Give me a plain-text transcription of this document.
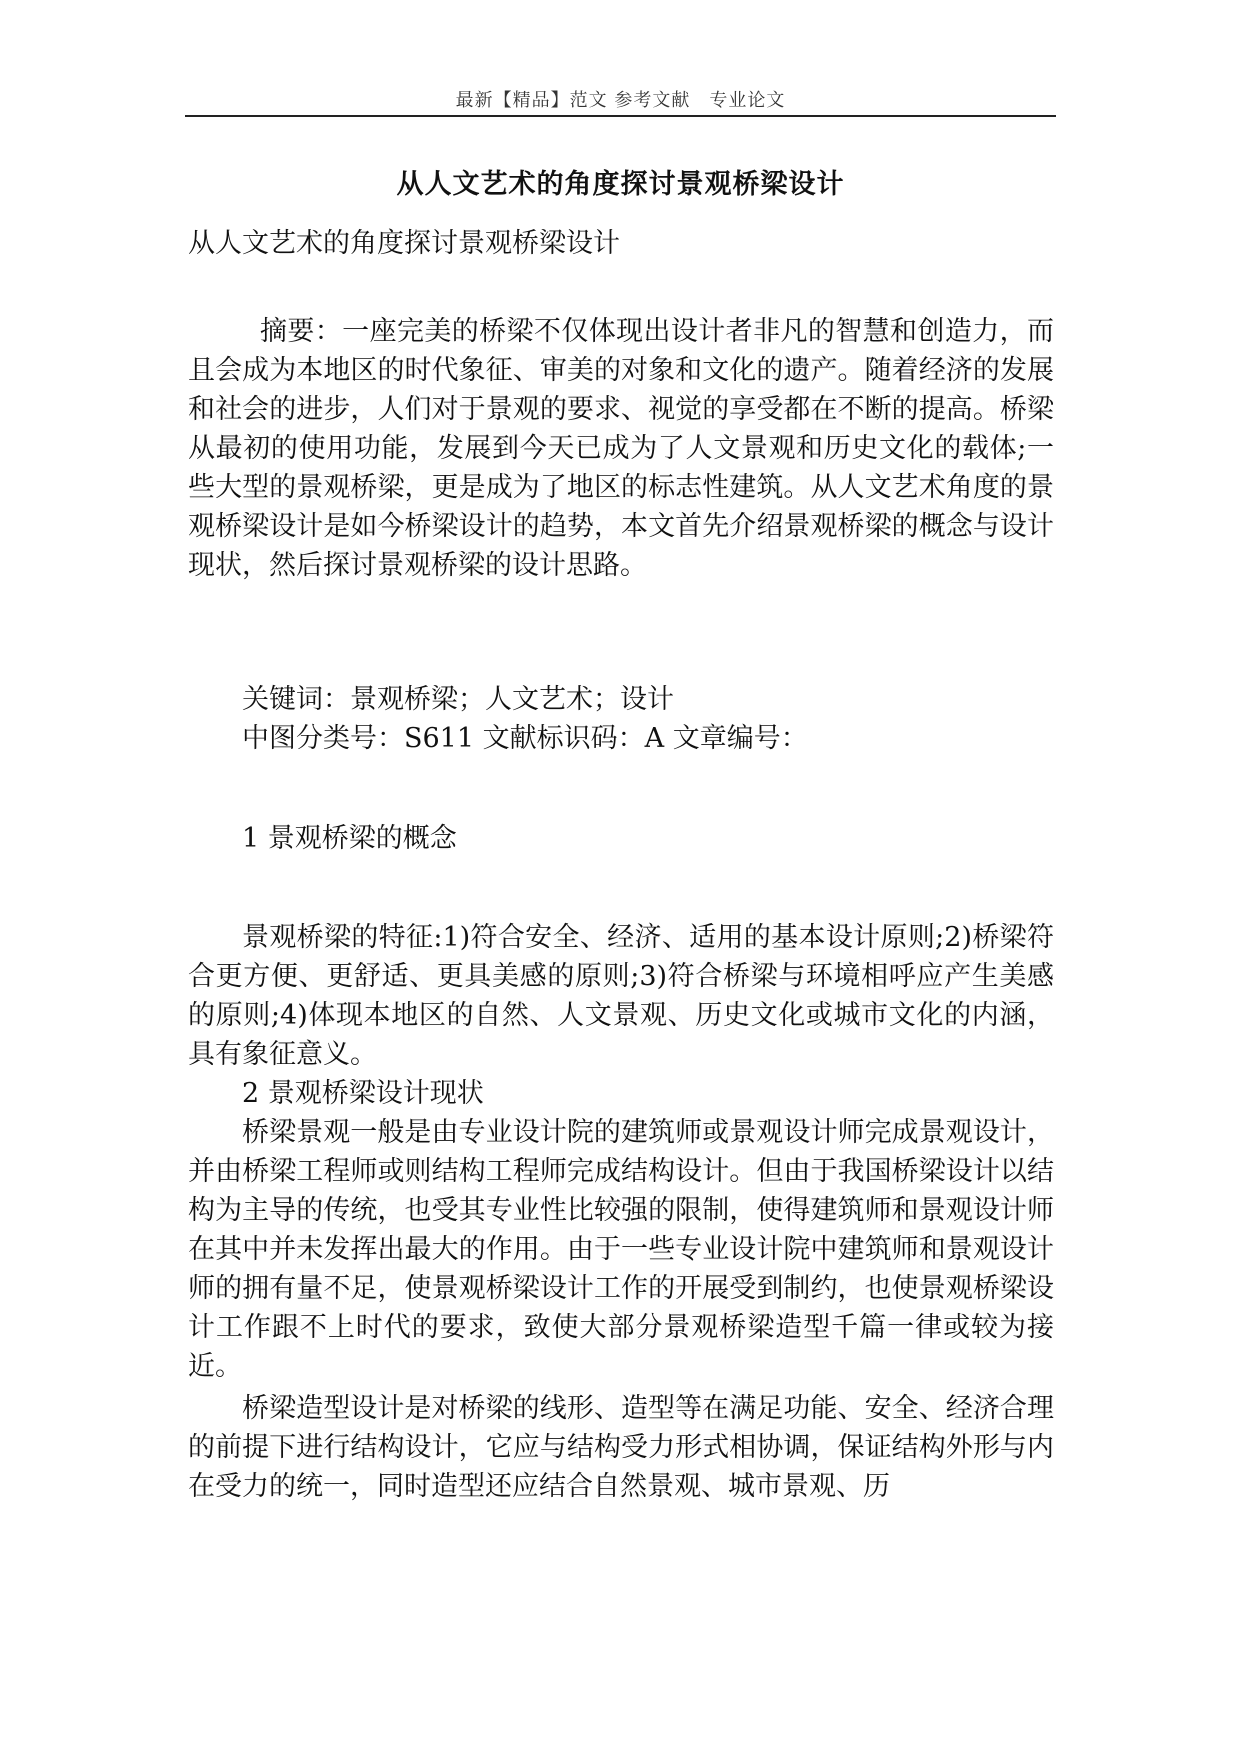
最新【精品】范文 参考文献　专业论文
从人文艺术的角度探讨景观桥梁设计

从人文艺术的角度探讨景观桥梁设计

摘要：一座完美的桥梁不仅体现出设计者非凡的智慧和创造力，而且会成为本地区的时代象征、审美的对象和文化的遗产。随着经济的发展和社会的进步，人们对于景观的要求、视觉的享受都在不断的提高。桥梁从最初的使用功能，发展到今天已成为了人文景观和历史文化的载体;一些大型的景观桥梁，更是成为了地区的标志性建筑。从人文艺术角度的景观桥梁设计是如今桥梁设计的趋势，本文首先介绍景观桥梁的概念与设计现状，然后探讨景观桥梁的设计思路。

关键词：景观桥梁；人文艺术；设计

中图分类号：S611 文献标识码：A 文章编号：

1 景观桥梁的概念

景观桥梁的特征:1)符合安全、经济、适用的基本设计原则;2)桥梁符合更方便、更舒适、更具美感的原则;3)符合桥梁与环境相呼应产生美感的原则;4)体现本地区的自然、人文景观、历史文化或城市文化的内涵，具有象征意义。

2 景观桥梁设计现状

桥梁景观一般是由专业设计院的建筑师或景观设计师完成景观设计，并由桥梁工程师或则结构工程师完成结构设计。但由于我国桥梁设计以结构为主导的传统，也受其专业性比较强的限制，使得建筑师和景观设计师在其中并未发挥出最大的作用。由于一些专业设计院中建筑师和景观设计师的拥有量不足，使景观桥梁设计工作的开展受到制约，也使景观桥梁设计工作跟不上时代的要求，致使大部分景观桥梁造型千篇一律或较为接近。

桥梁造型设计是对桥梁的线形、造型等在满足功能、安全、经济合理的前提下进行结构设计，它应与结构受力形式相协调，保证结构外形与内在受力的统一，同时造型还应结合自然景观、城市景观、历
